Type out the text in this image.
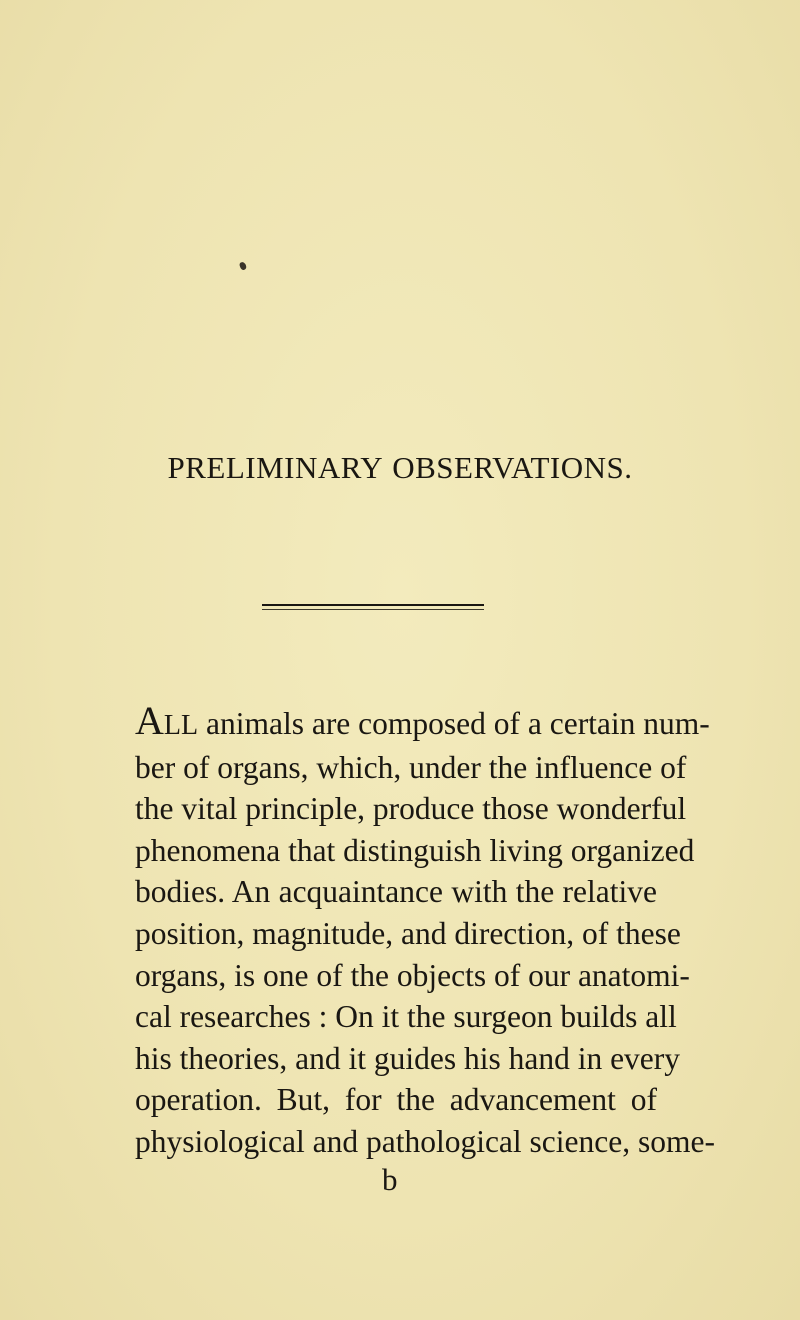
PRELIMINARY OBSERVATIONS.
ALL animals are composed of a certain num-
ber of organs, which, under the influence of
the vital principle, produce those wonderful
phenomena that distinguish living organized
bodies. An acquaintance with the relative
position, magnitude, and direction, of these
organs, is one of the objects of our anatomi-
cal researches : On it the surgeon builds all
his theories, and it guides his hand in every
operation. But, for the advancement of
physiological and pathological science, some-
b
